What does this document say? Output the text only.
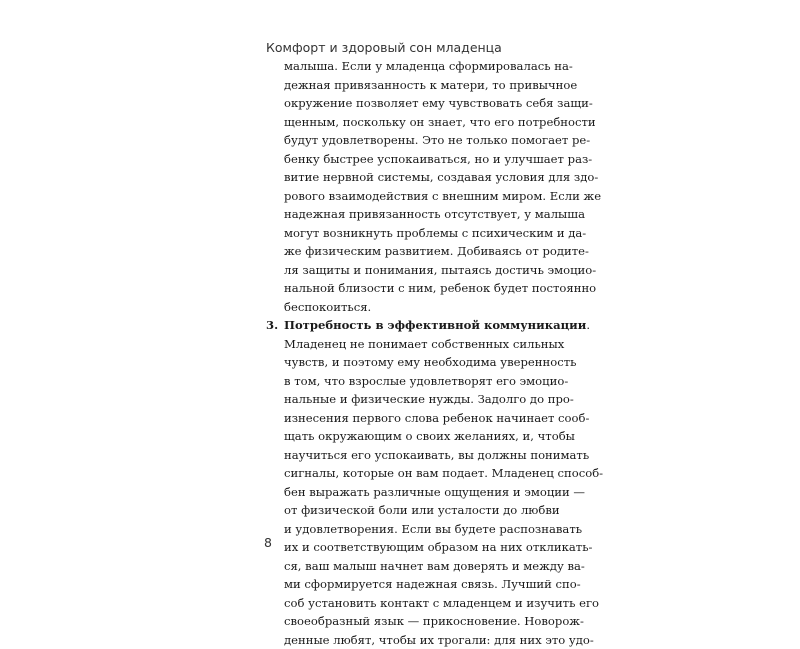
Комфорт и здоровый сон младенца
малыша. Если у младенца сформировалась на-
дежная привязанность к матери, то привычное
окружение позволяет ему чувствовать себя защи-
щенным, поскольку он знает, что его потребности
будут удовлетворены. Это не только помогает ре-
бенку быстрее успокаиваться, но и улучшает раз-
витие нервной системы, создавая условия для здо-
рового взаимодействия с внешним миром. Если же
надежная привязанность отсутствует, у малыша
могут возникнуть проблемы с психическим и да-
же физическим развитием. Добиваясь от родите-
ля защиты и понимания, пытаясь достичь эмоцио-
нальной близости с ним, ребенок будет постоянно
беспокоиться.
3. Потребность в эффективной коммуникации.
Младенец не понимает собственных сильных
чувств, и поэтому ему необходима уверенность
в том, что взрослые удовлетворят его эмоцио-
нальные и физические нужды. Задолго до про-
изнесения первого слова ребенок начинает сооб-
щать окружающим о своих желаниях, и, чтобы
научиться его успокаивать, вы должны понимать
сигналы, которые он вам подает. Младенец способ-
бен выражать различные ощущения и эмоции —
от физической боли или усталости до любви
и удовлетворения. Если вы будете распознавать
их и соответствующим образом на них откликать-
ся, ваш малыш начнет вам доверять и между ва-
ми сформируется надежная связь. Лучший спо-
соб установить контакт с младенцем и изучить его
своеобразный язык — прикосновение. Новорож-
денные любят, чтобы их трогали: для них это удо-
8
